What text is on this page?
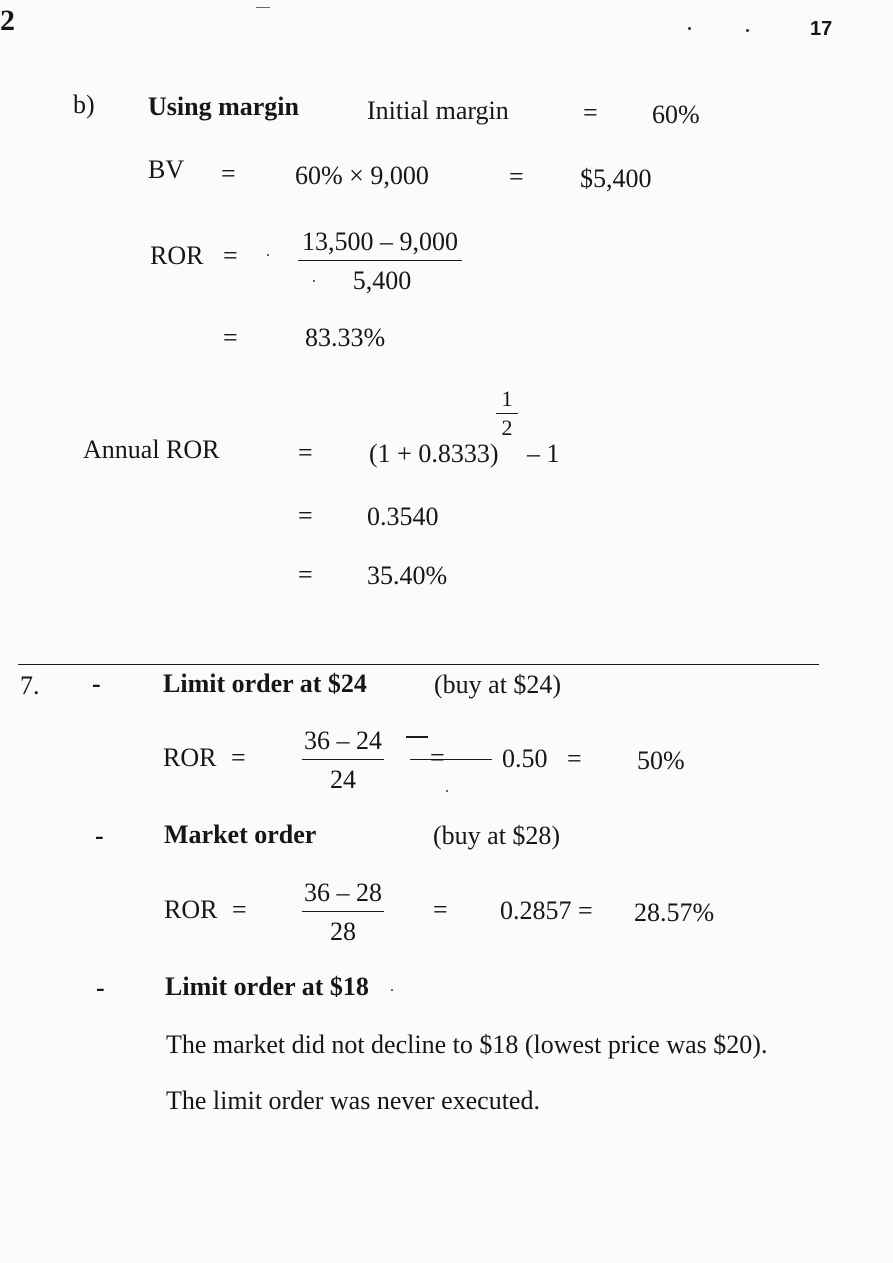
2	17
b) Using margin	Initial margin	= 60%
BV = 60% × 9,000	= $5,400
ROR = 13,500 – 9,000
5,400
=	83.33%
Annual ROR	= (1 + 0.8333)
1
2
– 1
= 0.3540
= 35.40%
7. - Limit order at $24	(buy at $24)
ROR =
36 – 24
24
= 0.50 = 50%
- Market order	(buy at $28)
ROR =
36 – 28
28
= 0.2857 = 28.57%
- Limit order at $18
The market did not decline to $18 (lowest price was $20).
The limit order was never executed.
